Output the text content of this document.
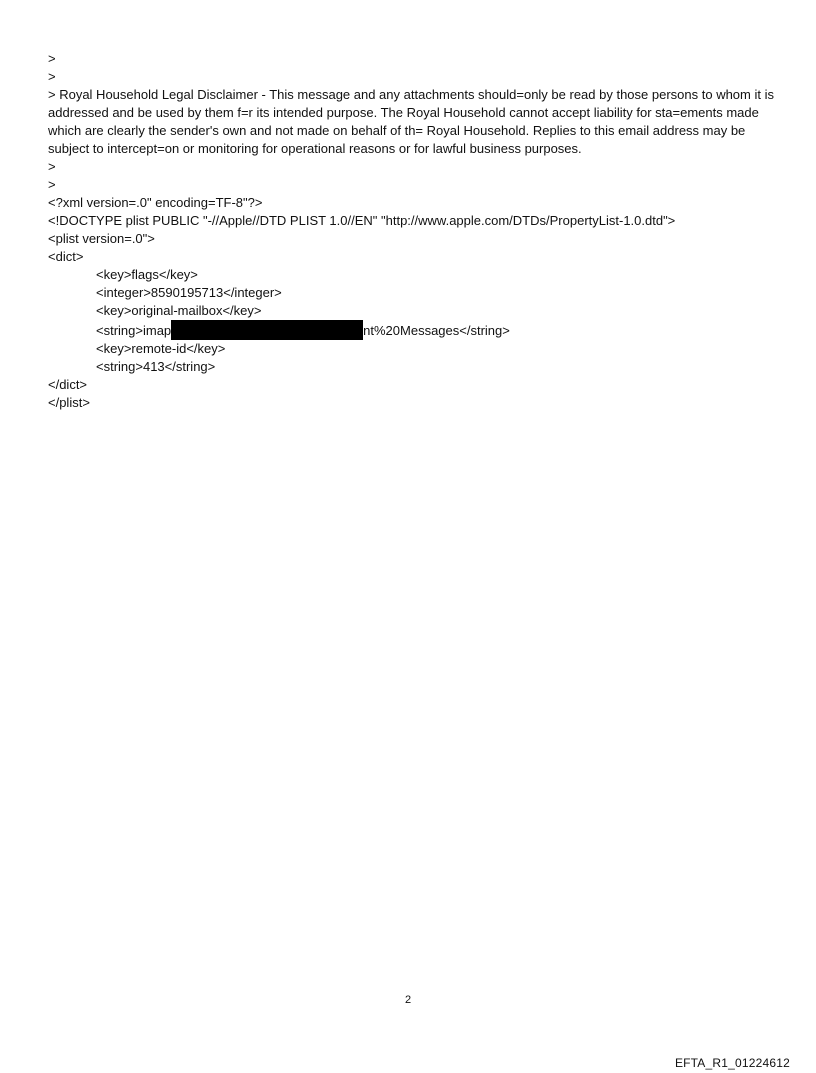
>
>
> Royal Household Legal Disclaimer - This message and any attachments should=only be read by those persons to whom it is addressed and be used by them f=r its intended purpose. The Royal Household cannot accept liability for sta=ements made which are clearly the sender's own and not made on behalf of th= Royal Household. Replies to this email address may be subject to intercept=on or monitoring for operational reasons or for lawful business purposes.
>
>
<?xml version=.0" encoding=TF-8"?>
<!DOCTYPE plist PUBLIC "-//Apple//DTD PLIST 1.0//EN" "http://www.apple.com/DTDs/PropertyList-1.0.dtd">
<plist version=.0">
<dict>
<key>flags</key>
<integer>8590195713</integer>
<key>original-mailbox</key>
<string>imap	nt%20Messages</string>
<key>remote-id</key>
<string>413</string>
</dict>
</plist>
2
EFTA_R1_01224612
